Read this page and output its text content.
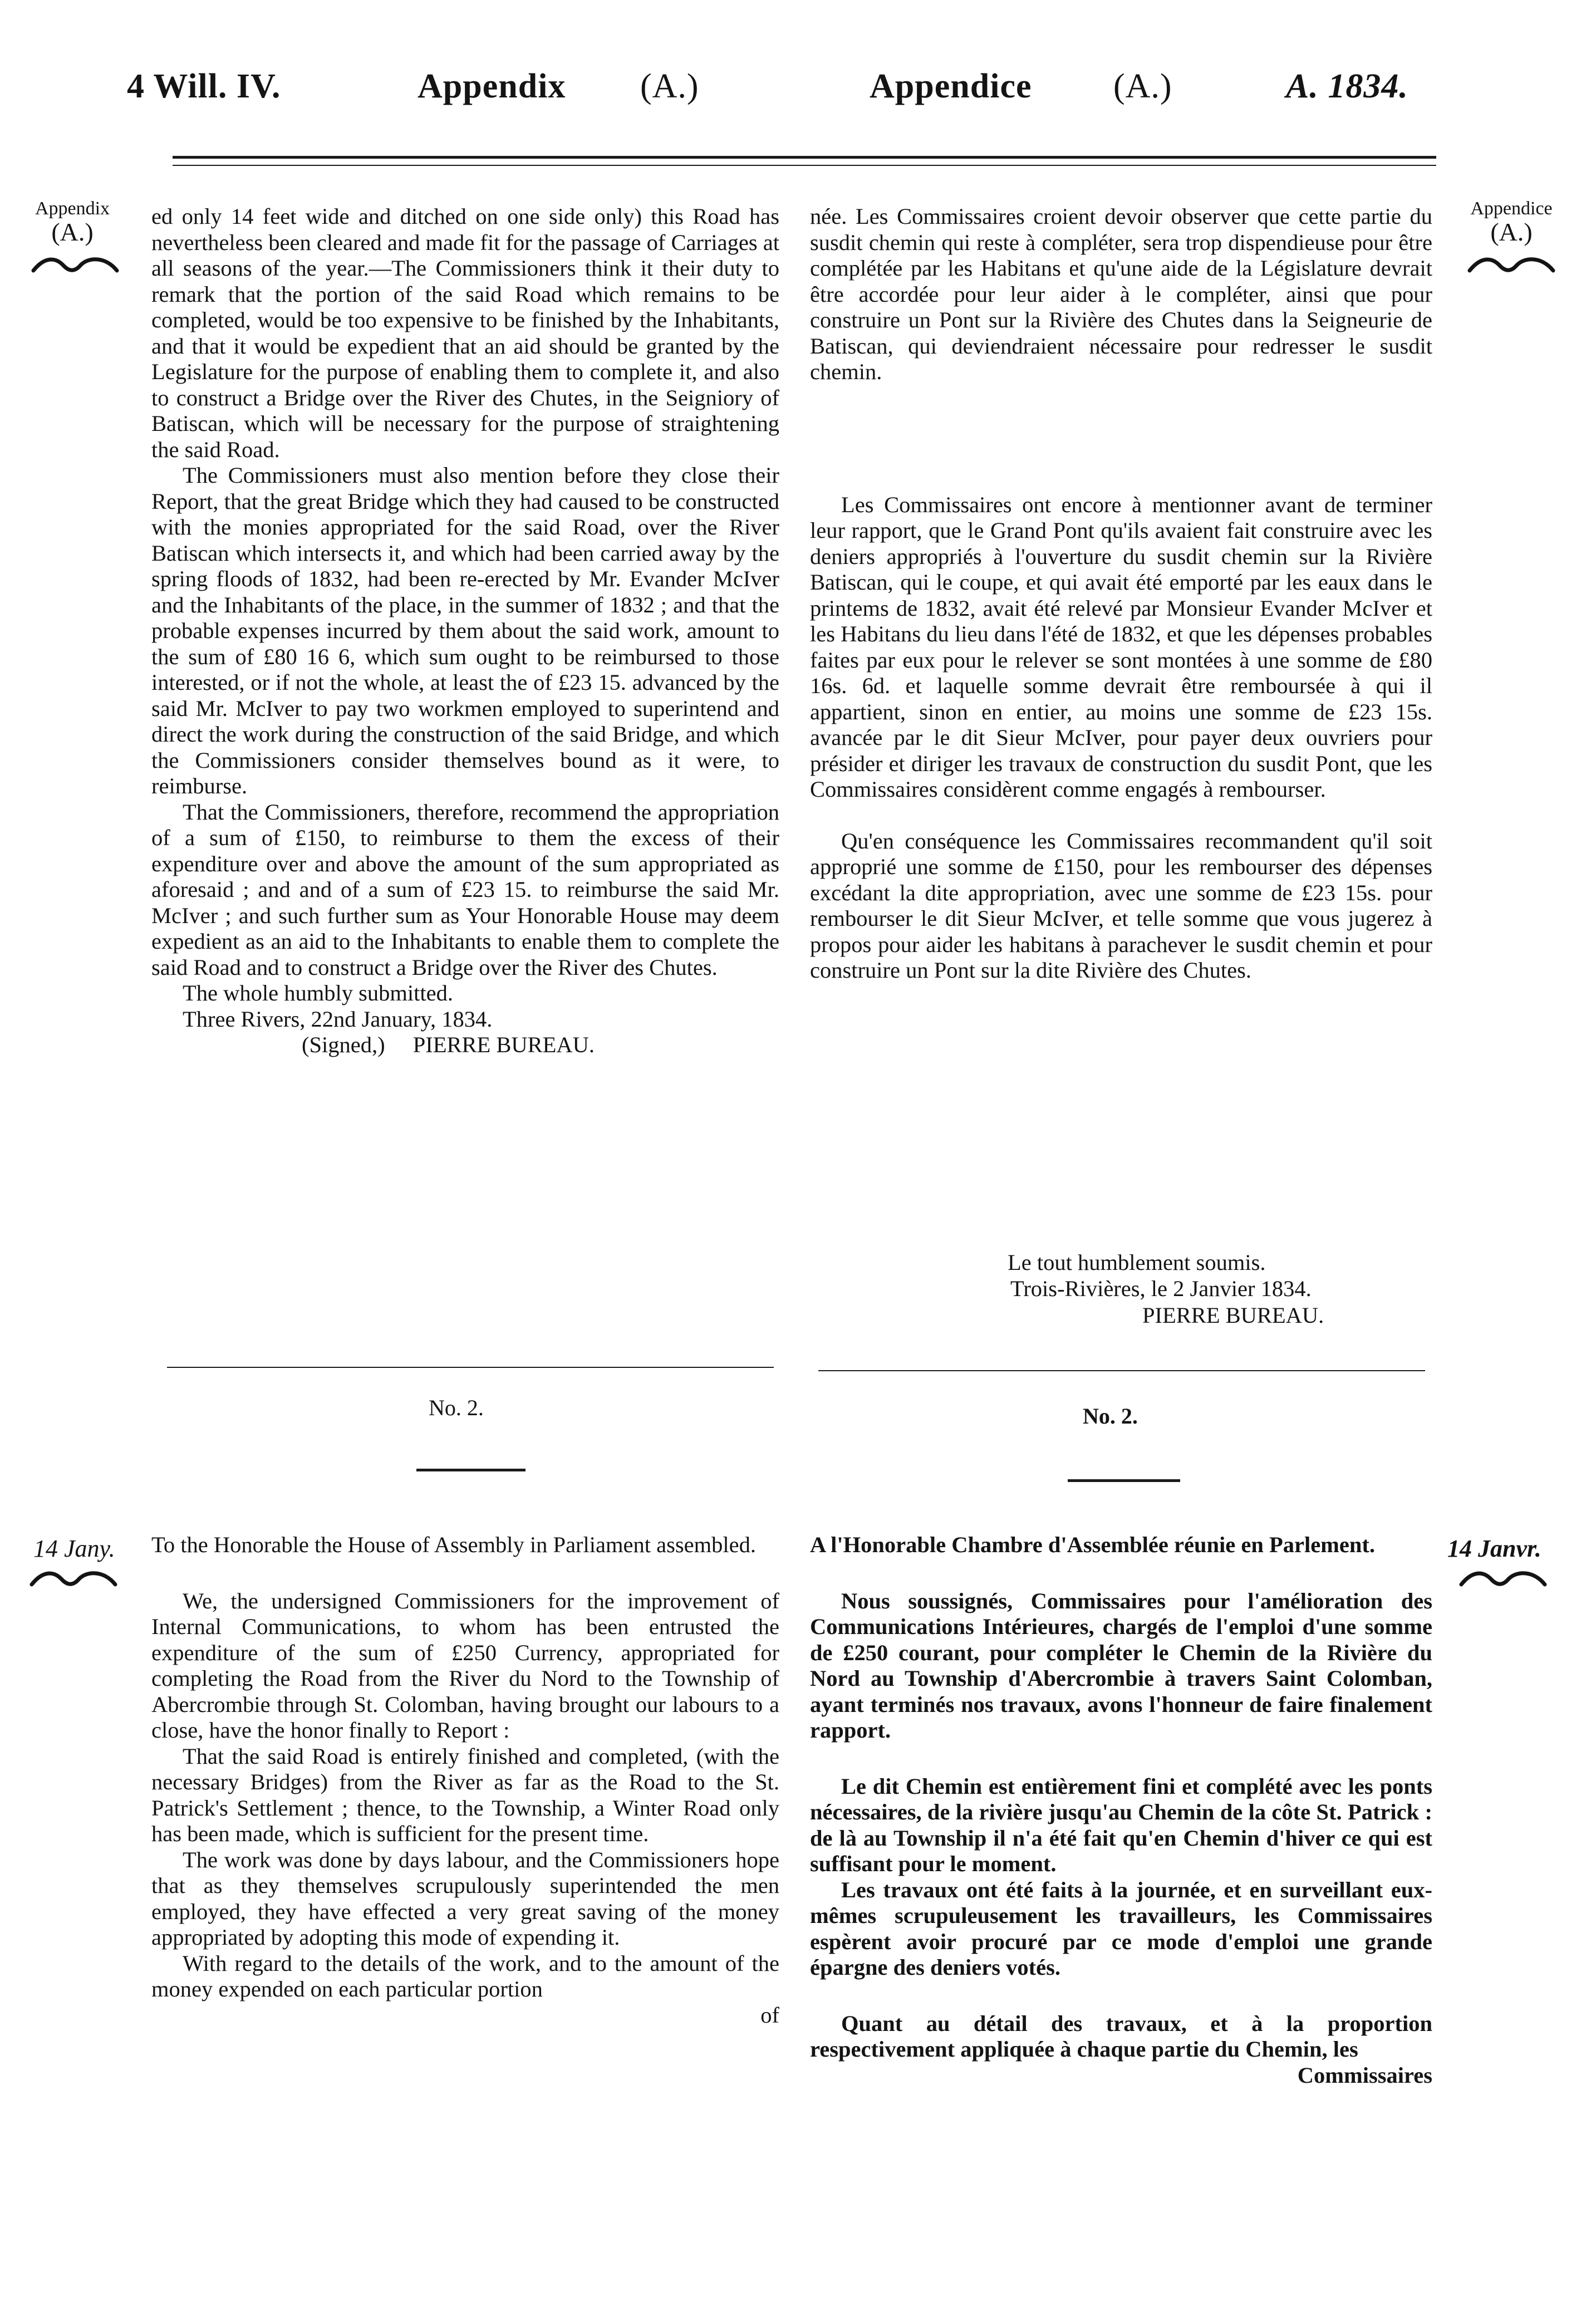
4 Will. IV.	Appendix (A.)	Appendice (A.)	A. 1834.
Appendix
(A.)
Appendice
(A.)

ed only 14 feet wide and ditched on one side only) this Road has nevertheless been cleared and made fit for the passage of Carriages at all seasons of the year.—The Commissioners think it their duty to remark that the portion of the said Road which remains to be completed, would be too expensive to be finished by the Inhabitants, and that it would be expedient that an aid should be granted by the Legislature for the purpose of enabling them to complete it, and also to construct a Bridge over the River des Chutes, in the Seigniory of Batiscan, which will be necessary for the purpose of straightening the said Road.

The Commissioners must also mention before they close their Report, that the great Bridge which they had caused to be constructed with the monies appropriated for the said Road, over the River Batiscan which intersects it, and which had been carried away by the spring floods of 1832, had been re-erected by Mr. Evander McIver and the Inhabitants of the place, in the summer of 1832 ; and that the probable expenses incurred by them about the said work, amount to the sum of £80 16 6, which sum ought to be reimbursed to those interested, or if not the whole, at least the of £23 15. advanced by the said Mr. McIver to pay two workmen employed to superintend and direct the work during the construction of the said Bridge, and which the Commissioners consider themselves bound as it were, to reimburse.

That the Commissioners, therefore, recommend the appropriation of a sum of £150, to reimburse to them the excess of their expenditure over and above the amount of the sum appropriated as aforesaid ; and and of a sum of £23 15. to reimburse the said Mr. McIver ; and such further sum as Your Honorable House may deem expedient as an aid to the Inhabitants to enable them to complete the said Road and to construct a Bridge over the River des Chutes.

The whole humbly submitted.

Three Rivers, 22nd January, 1834.

(Signed,) PIERRE BUREAU.

née. Les Commissaires croient devoir observer que cette partie du susdit chemin qui reste à compléter, sera trop dispendieuse pour être complétée par les Habitans et qu'une aide de la Législature devrait être accordée pour leur aider à le compléter, ainsi que pour construire un Pont sur la Rivière des Chutes dans la Seigneurie de Batiscan, qui deviendraient nécessaire pour redresser le susdit chemin.

Les Commissaires ont encore à mentionner avant de terminer leur rapport, que le Grand Pont qu'ils avaient fait construire avec les deniers appropriés à l'ouverture du susdit chemin sur la Rivière Batiscan, qui le coupe, et qui avait été emporté par les eaux dans le printems de 1832, avait été relevé par Monsieur Evander McIver et les Habitans du lieu dans l'été de 1832, et que les dépenses probables faites par eux pour le relever se sont montées à une somme de £80 16s. 6d. et laquelle somme devrait être remboursée à qui il appartient, sinon en entier, au moins une somme de £23 15s. avancée par le dit Sieur McIver, pour payer deux ouvriers pour présider et diriger les travaux de construction du susdit Pont, que les Commissaires considèrent comme engagés à rembourser.

Qu'en conséquence les Commissaires recommandent qu'il soit approprié une somme de £150, pour les rembourser des dépenses excédant la dite appropriation, avec une somme de £23 15s. pour rembourser le dit Sieur McIver, et telle somme que vous jugerez à propos pour aider les habitans à parachever le susdit chemin et pour construire un Pont sur la dite Rivière des Chutes.

Le tout humblement soumis.
Trois-Rivières, le 2 Janvier 1834.
PIERRE BUREAU.
No. 2.	No. 2.
14 Jany.	14 Janvr.

To the Honorable the House of Assembly in Parliament assembled.

We, the undersigned Commissioners for the improvement of Internal Communications, to whom has been entrusted the expenditure of the sum of £250 Currency, appropriated for completing the Road from the River du Nord to the Township of Abercrombie through St. Colomban, having brought our labours to a close, have the honor finally to Report :

That the said Road is entirely finished and completed, (with the necessary Bridges) from the River as far as the Road to the St. Patrick's Settlement ; thence, to the Township, a Winter Road only has been made, which is sufficient for the present time.

The work was done by days labour, and the Commissioners hope that as they themselves scrupulously superintended the men employed, they have effected a very great saving of the money appropriated by adopting this mode of expending it.

With regard to the details of the work, and to the amount of the money expended on each particular portion

of

A l'Honorable Chambre d'Assemblée réunie en Parlement.

Nous soussignés, Commissaires pour l'amélioration des Communications Intérieures, chargés de l'emploi d'une somme de £250 courant, pour compléter le Chemin de la Rivière du Nord au Township d'Abercrombie à travers Saint Colomban, ayant terminés nos travaux, avons l'honneur de faire finalement rapport.

Le dit Chemin est entièrement fini et complété avec les ponts nécessaires, de la rivière jusqu'au Chemin de la côte St. Patrick : de là au Township il n'a été fait qu'en Chemin d'hiver ce qui est suffisant pour le moment.

Les travaux ont été faits à la journée, et en surveillant eux-mêmes scrupuleusement les travailleurs, les Commissaires espèrent avoir procuré par ce mode d'emploi une grande épargne des deniers votés.

Quant au détail des travaux, et à la proportion respectivement appliquée à chaque partie du Chemin, les

Commissaires
